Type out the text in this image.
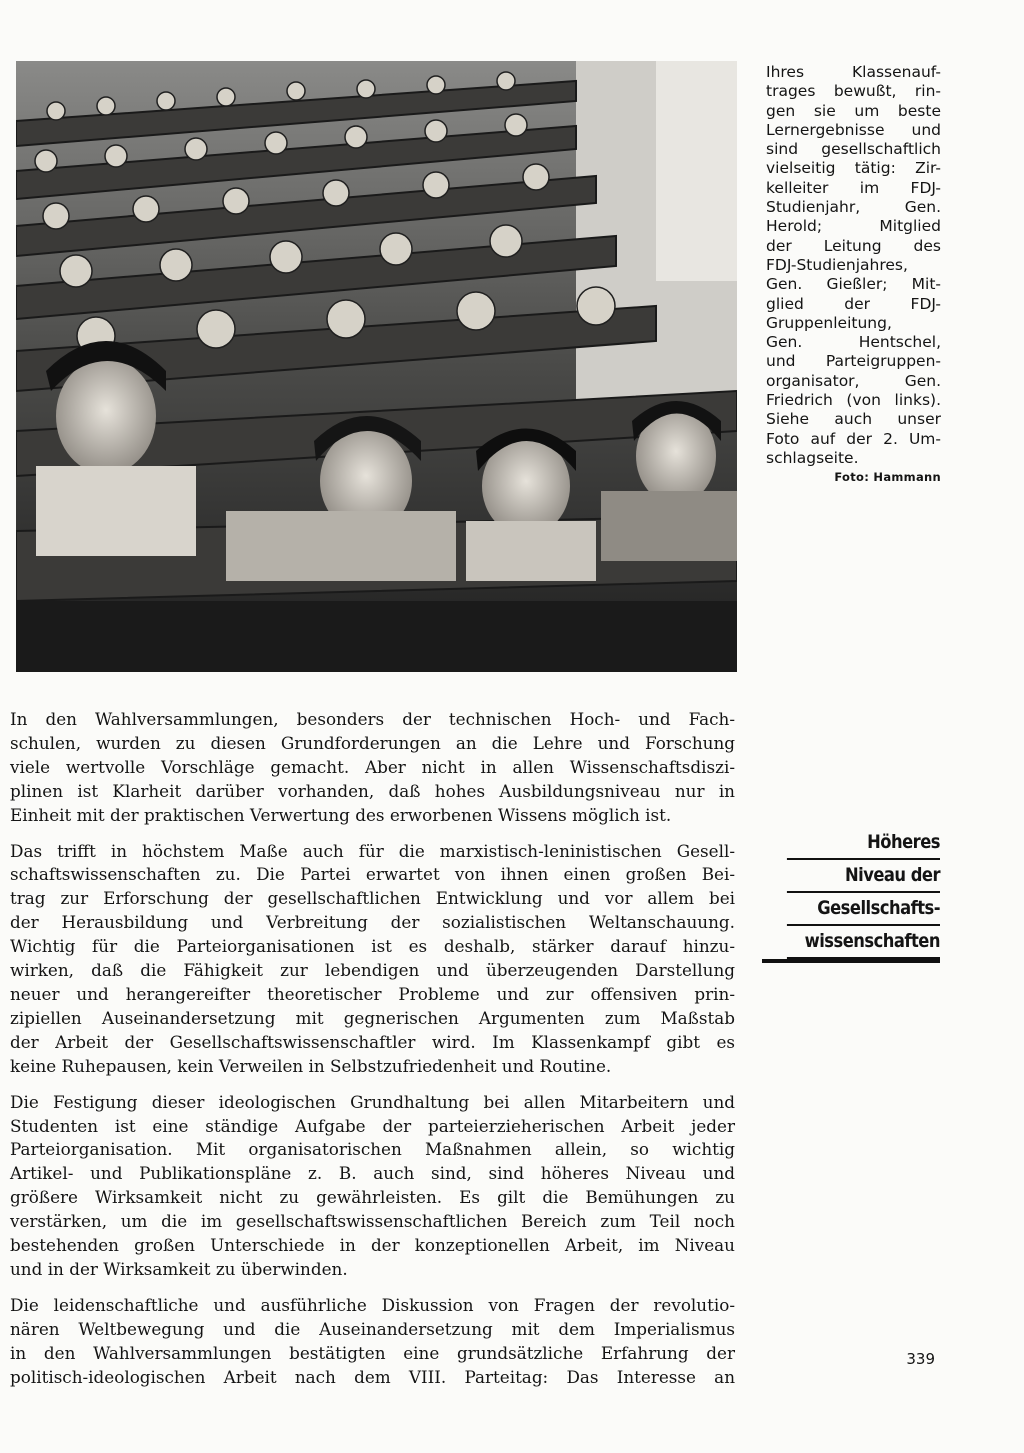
Ihres Klassenauf-
trages bewußt, rin-
gen sie um beste
Lernergebnisse und
sind gesellschaftlich
vielseitig tätig: Zir-
kelleiter im FDJ-
Studienjahr, Gen.
Herold; Mitglied
der Leitung des
FDJ-Studienjahres,
Gen. Gießler; Mit-
glied der FDJ-
Gruppenleitung,
Gen. Hentschel,
und Parteigruppen-
organisator, Gen.
Friedrich (von links).
Siehe auch unser
Foto auf der 2. Um-
schlagseite.
Foto: Hammann
In den Wahlversammlungen, besonders der technischen Hoch- und Fach-
schulen, wurden zu diesen Grundforderungen an die Lehre und Forschung
viele wertvolle Vorschläge gemacht. Aber nicht in allen Wissenschaftsdiszi-
plinen ist Klarheit darüber vorhanden, daß hohes Ausbildungsniveau nur in
Einheit mit der praktischen Verwertung des erworbenen Wissens möglich ist.
Das trifft in höchstem Maße auch für die marxistisch-leninistischen Gesell-
schaftswissenschaften zu. Die Partei erwartet von ihnen einen großen Bei-
trag zur Erforschung der gesellschaftlichen Entwicklung und vor allem bei
der Herausbildung und Verbreitung der sozialistischen Weltanschauung.
Wichtig für die Parteiorganisationen ist es deshalb, stärker darauf hinzu-
wirken, daß die Fähigkeit zur lebendigen und überzeugenden Darstellung
neuer und herangereifter theoretischer Probleme und zur offensiven prin-
zipiellen Auseinandersetzung mit gegnerischen Argumenten zum Maßstab
der Arbeit der Gesellschaftswissenschaftler wird. Im Klassenkampf gibt es
keine Ruhepausen, kein Verweilen in Selbstzufriedenheit und Routine.
Die Festigung dieser ideologischen Grundhaltung bei allen Mitarbeitern und
Studenten ist eine ständige Aufgabe der parteierzieherischen Arbeit jeder
Parteiorganisation. Mit organisatorischen Maßnahmen allein, so wichtig
Artikel- und Publikationspläne z. B. auch sind, sind höheres Niveau und
größere Wirksamkeit nicht zu gewährleisten. Es gilt die Bemühungen zu
verstärken, um die im gesellschaftswissenschaftlichen Bereich zum Teil noch
bestehenden großen Unterschiede in der konzeptionellen Arbeit, im Niveau
und in der Wirksamkeit zu überwinden.
Die leidenschaftliche und ausführliche Diskussion von Fragen der revolutio-
nären Weltbewegung und die Auseinandersetzung mit dem Imperialismus
in den Wahlversammlungen bestätigten eine grundsätzliche Erfahrung der
politisch-ideologischen Arbeit nach dem VIII. Parteitag: Das Interesse an
Höheres
Niveau der
Gesellschafts-
wissenschaften
339
